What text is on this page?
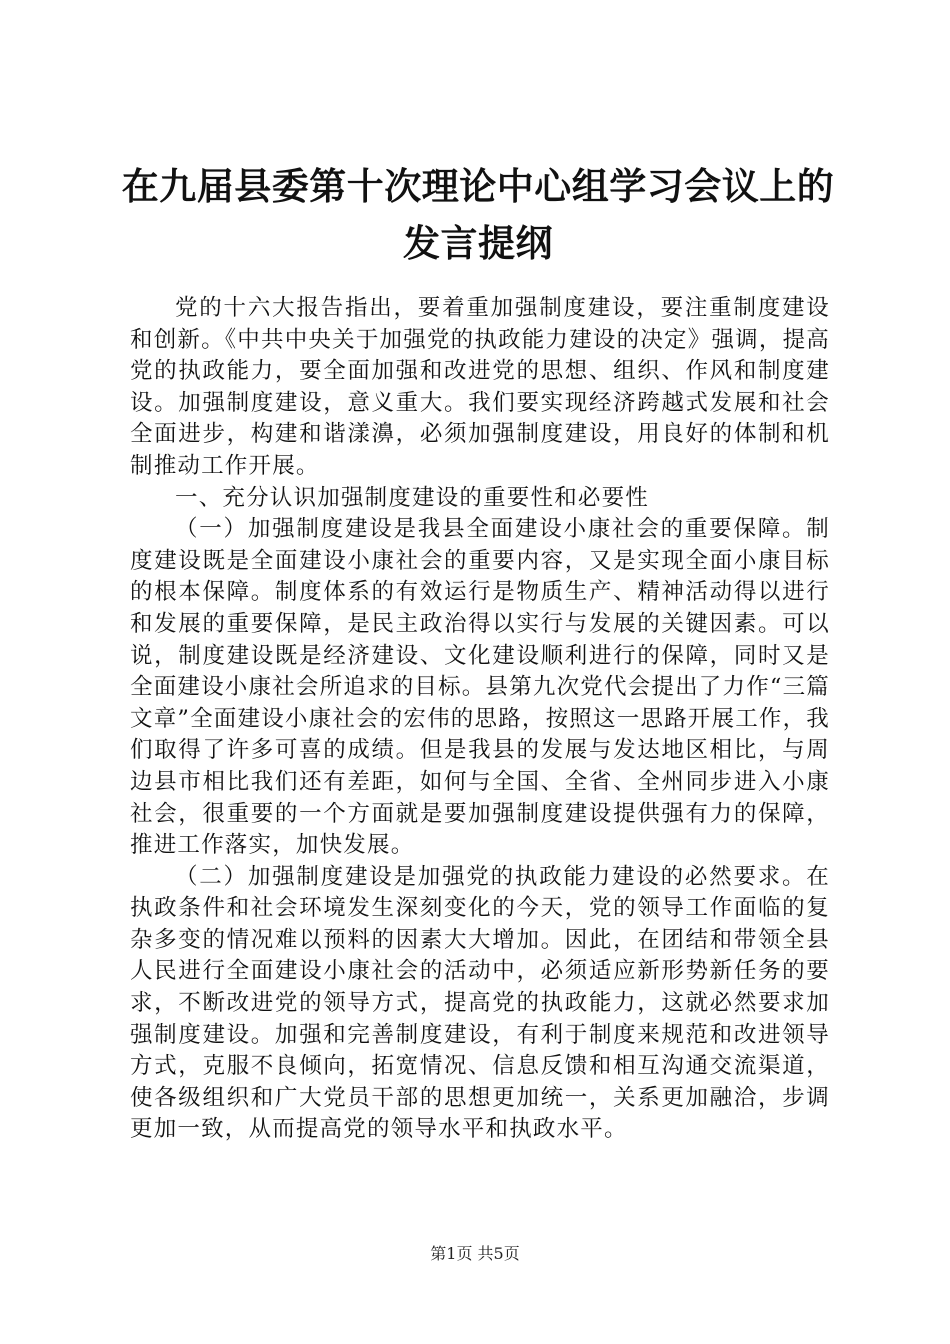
在九届县委第十次理论中心组学习会议上的发言提纲

党的十六大报告指出，要着重加强制度建设，要注重制度建设和创新。《中共中央关于加强党的执政能力建设的决定》强调，提高党的执政能力，要全面加强和改进党的思想、组织、作风和制度建设。加强制度建设，意义重大。我们要实现经济跨越式发展和社会全面进步，构建和谐漾濞，必须加强制度建设，用良好的体制和机制推动工作开展。

一、充分认识加强制度建设的重要性和必要性

（一）加强制度建设是我县全面建设小康社会的重要保障。制度建设既是全面建设小康社会的重要内容，又是实现全面小康目标的根本保障。制度体系的有效运行是物质生产、精神活动得以进行和发展的重要保障，是民主政治得以实行与发展的关键因素。可以说，制度建设既是经济建设、文化建设顺利进行的保障，同时又是全面建设小康社会所追求的目标。县第九次党代会提出了力作“三篇文章”全面建设小康社会的宏伟的思路，按照这一思路开展工作，我们取得了许多可喜的成绩。但是我县的发展与发达地区相比，与周边县市相比我们还有差距，如何与全国、全省、全州同步进入小康社会，很重要的一个方面就是要加强制度建设提供强有力的保障，推进工作落实，加快发展。

（二）加强制度建设是加强党的执政能力建设的必然要求。在执政条件和社会环境发生深刻变化的今天，党的领导工作面临的复杂多变的情况难以预料的因素大大增加。因此，在团结和带领全县人民进行全面建设小康社会的活动中，必须适应新形势新任务的要求，不断改进党的领导方式，提高党的执政能力，这就必然要求加强制度建设。加强和完善制度建设，有利于制度来规范和改进领导方式，克服不良倾向，拓宽情况、信息反馈和相互沟通交流渠道，使各级组织和广大党员干部的思想更加统一，关系更加融洽，步调更加一致，从而提高党的领导水平和执政水平。

第1页 共5页
